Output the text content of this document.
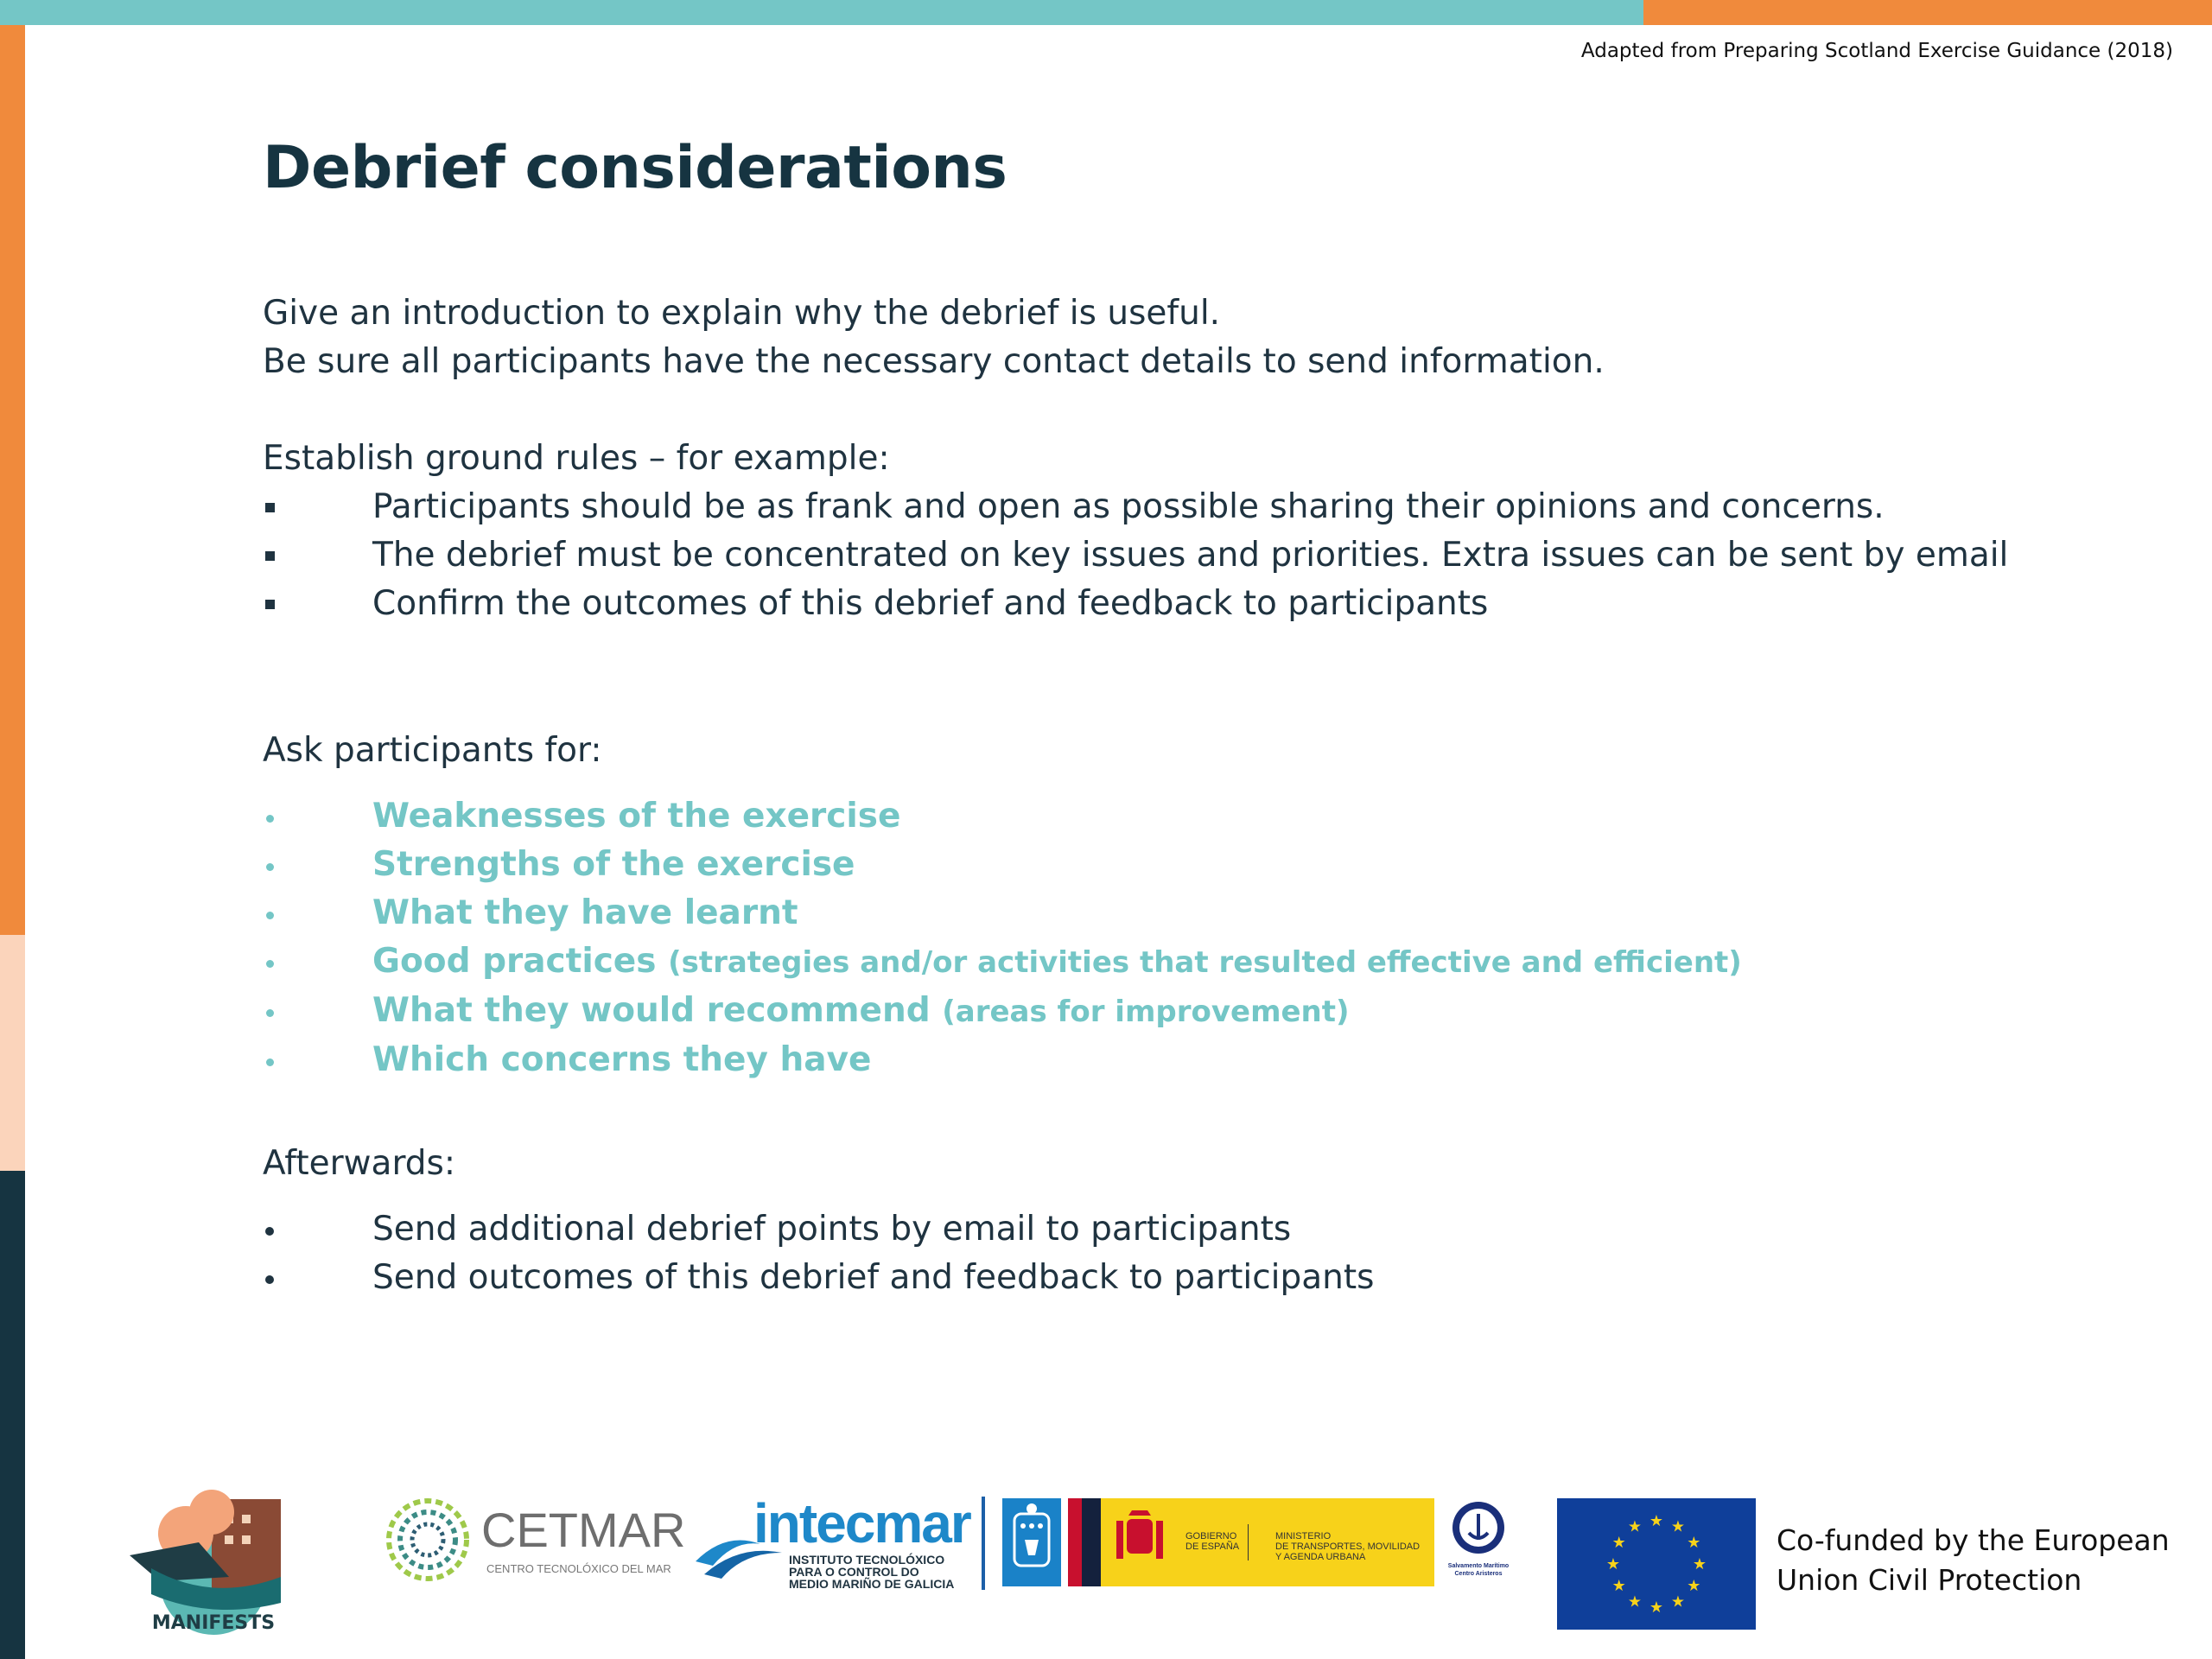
Adapted from Preparing Scotland Exercise Guidance (2018)
Debrief considerations

Give an introduction to explain why the debrief is useful.

Be sure all participants have the necessary contact details to send information.

Establish ground rules – for example:

Participants should be as frank and open as possible sharing their opinions and concerns.
The debrief must be concentrated on key issues and priorities. Extra issues can be sent by email
Confirm the outcomes of this debrief and feedback to participants

Ask participants for:

Weaknesses of the exercise
Strengths of the exercise
What they have learnt
Good practices (strategies and/or activities that resulted effective and efficient)
What they would recommend (areas for improvement)
Which concerns they have

Afterwards:

Send additional debrief points by email to participants
Send outcomes of this debrief and feedback to participants
MANIFESTS
CETMAR
CENTRO TECNOLÓXICO DEL MAR
intecmar
INSTITUTO TECNOLÓXICO
PARA O CONTROL DO
MEDIO MARIÑO DE GALICIA
GOBIERNO
DE ESPAÑA
MINISTERIO
DE TRANSPORTES, MOVILIDAD
Y AGENDA URBANA
Salvamento Marítimo
Centro Aristeros
★ ★
★
★
★
★
★
★
★
★
★
★	Co-funded by the European
Union Civil Protection
